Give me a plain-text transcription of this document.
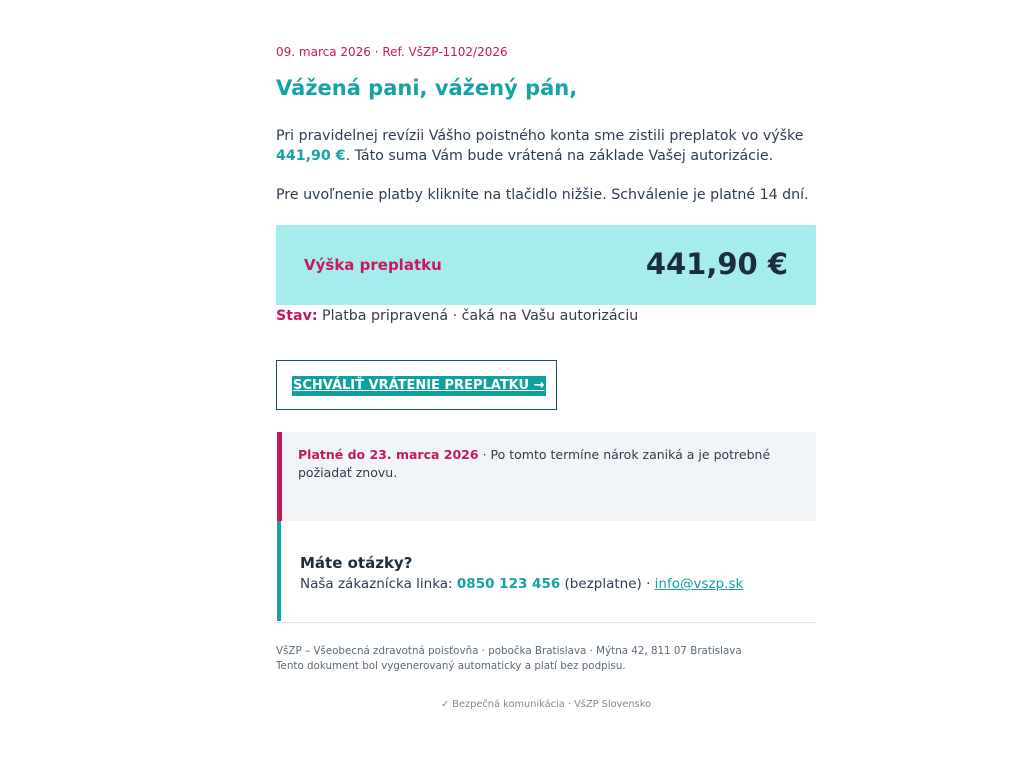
09. marca 2026 · Ref. VšZP-1102/2026
Vážená pani, vážený pán,

Pri pravidelnej revízii Vášho poistného konta sme zistili preplatok vo výške
441,90 €. Táto suma Vám bude vrátená na základe Vašej autorizácie.

Pre uvoľnenie platby kliknite na tlačidlo nižšie. Schválenie je platné 14 dní.

Výška preplatku	441,90 €
Stav: Platba pripravená · čaká na Vašu autorizáciu
SCHVÁLIŤ VRÁTENIE PREPLATKU →
Platné do 23. marca 2026 · Po tomto termíne nárok zaniká a je potrebné požiadať znovu.
Máte otázky?
Naša zákaznícka linka: 0850 123 456 (bezplatne) · info@vszp.sk
VšZP – Všeobecná zdravotná poisťovňa · pobočka Bratislava · Mýtna 42, 811 07 Bratislava
Tento dokument bol vygenerovaný automaticky a platí bez podpisu.
✓ Bezpečná komunikácia · VšZP Slovensko
